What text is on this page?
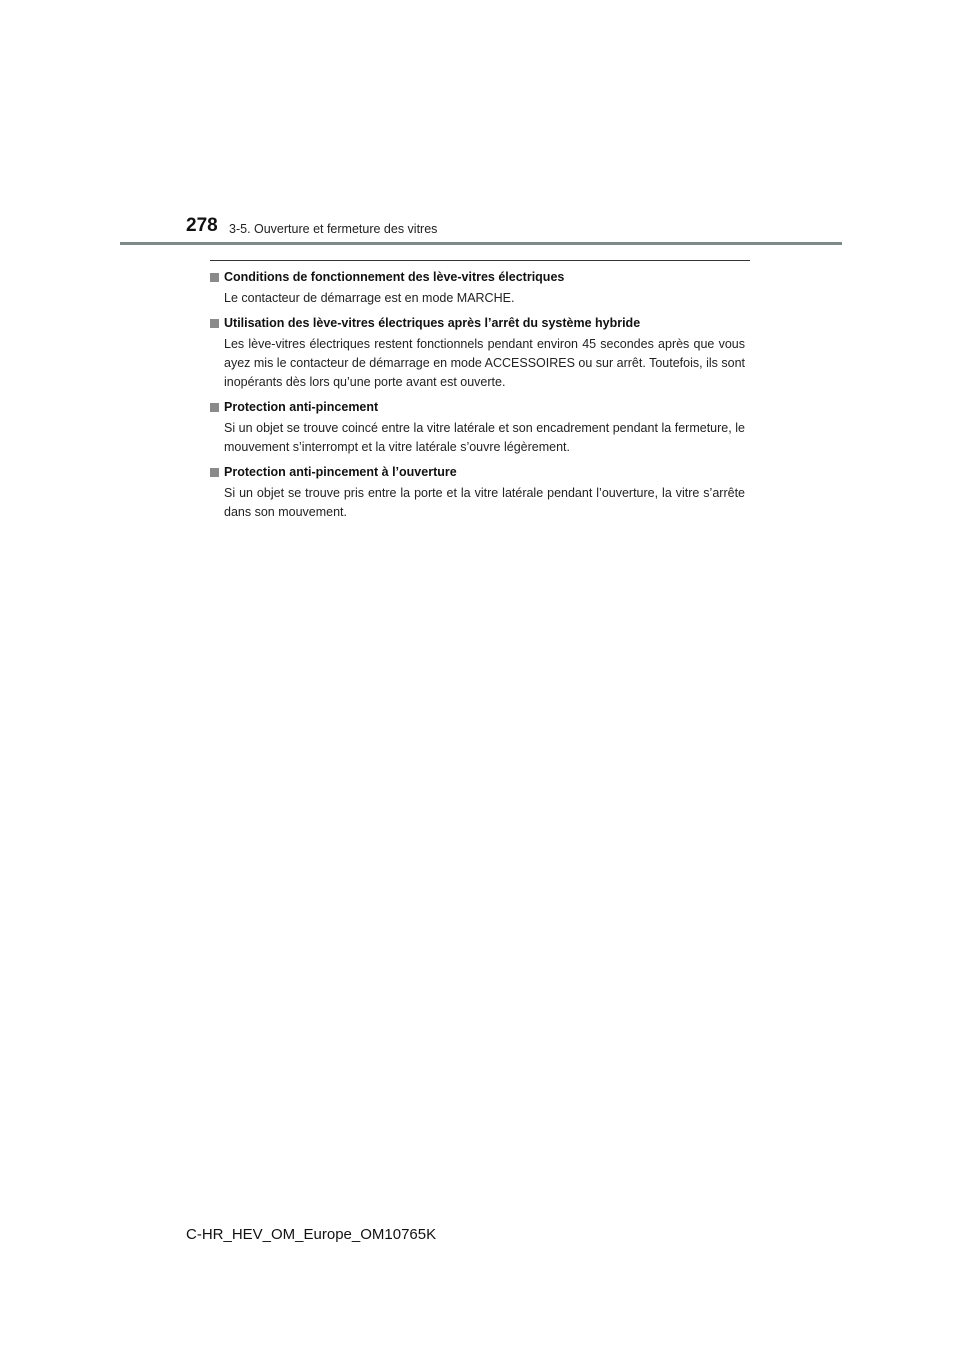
278 3-5. Ouverture et fermeture des vitres
Conditions de fonctionnement des lève-vitres électriques
Le contacteur de démarrage est en mode MARCHE.
Utilisation des lève-vitres électriques après l’arrêt du système hybride
Les lève-vitres électriques restent fonctionnels pendant environ 45 secondes après que vous ayez mis le contacteur de démarrage en mode ACCESSOIRES ou sur arrêt. Toutefois, ils sont inopérants dès lors qu’une porte avant est ouverte.
Protection anti-pincement
Si un objet se trouve coincé entre la vitre latérale et son encadrement pendant la fermeture, le mouvement s’interrompt et la vitre latérale s’ouvre légèrement.
Protection anti-pincement à l’ouverture
Si un objet se trouve pris entre la porte et la vitre latérale pendant l’ouverture, la vitre s’arrête dans son mouvement.
C-HR_HEV_OM_Europe_OM10765K
